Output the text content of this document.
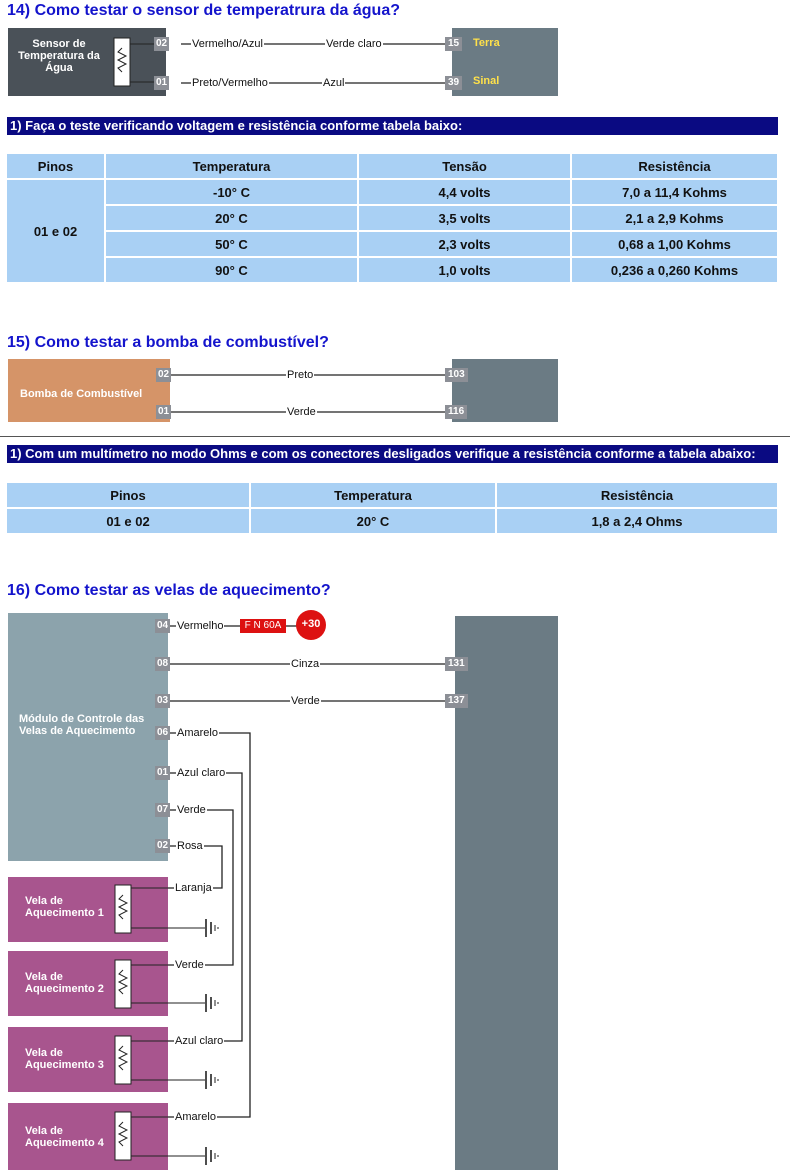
14) Como testar o sensor de temperatrura da água?
Sensor de Temperatura da Água
02
01
Vermelho/Azul	Verde claro
Preto/Vermelho	Azul
15
39
Terra
Sinal
1) Faça o teste verificando voltagem e resistência conforme tabela baixo:
Pinos	Temperatura	Tensão	Resistência
01 e 02	-10° C	4,4 volts	7,0 a 11,4 Kohms
	20° C	3,5 volts	2,1 a 2,9 Kohms
	50° C	2,3 volts	0,68 a 1,00 Kohms
	90° C	1,0 volts	0,236 a 0,260 Kohms
15) Como testar a bomba de combustível?
Bomba de Combustível
02
01
Preto
Verde
103
116
1) Com um multímetro no modo Ohms e com os conectores desligados verifique a resistência conforme a tabela abaixo:
Pinos	Temperatura	Resistência
01 e 02	20° C	1,8 a 2,4 Ohms
16) Como testar as velas de aquecimento?
Módulo de Controle das Velas de Aquecimento
Vela de Aquecimento 1
Vela de Aquecimento 2
Vela de Aquecimento 3
Vela de Aquecimento 4
04
08
03
06
01
07
02
Vermelho
Cinza
Verde
Amarelo
Azul claro
Verde
Rosa
F N 60A	+30
131
137
Laranja
Verde
Azul claro
Amarelo
